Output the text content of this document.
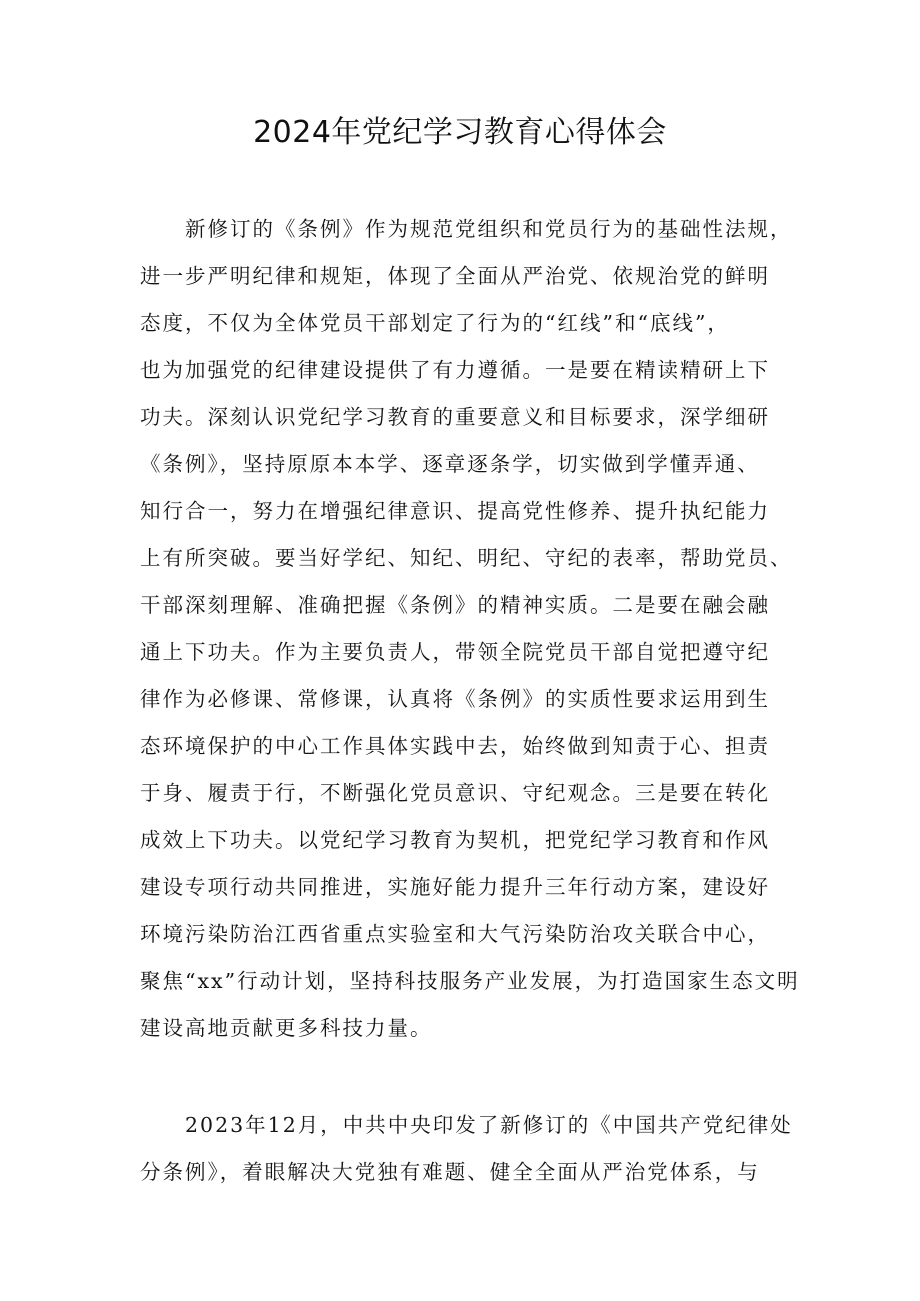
2024年党纪学习教育心得体会
新修订的《条例》作为规范党组织和党员行为的基础性法规，
进一步严明纪律和规矩，体现了全面从严治党、依规治党的鲜明
态度，不仅为全体党员干部划定了行为的“红线”和“底线”，
也为加强党的纪律建设提供了有力遵循。一是要在精读精研上下
功夫。深刻认识党纪学习教育的重要意义和目标要求，深学细研
《条例》，坚持原原本本学、逐章逐条学，切实做到学懂弄通、
知行合一，努力在增强纪律意识、提高党性修养、提升执纪能力
上有所突破。要当好学纪、知纪、明纪、守纪的表率，帮助党员、
干部深刻理解、准确把握《条例》的精神实质。二是要在融会融
通上下功夫。作为主要负责人，带领全院党员干部自觉把遵守纪
律作为必修课、常修课，认真将《条例》的实质性要求运用到生
态环境保护的中心工作具体实践中去，始终做到知责于心、担责
于身、履责于行，不断强化党员意识、守纪观念。三是要在转化
成效上下功夫。以党纪学习教育为契机，把党纪学习教育和作风
建设专项行动共同推进，实施好能力提升三年行动方案，建设好
环境污染防治江西省重点实验室和大气污染防治攻关联合中心，
聚焦“xx”行动计划，坚持科技服务产业发展，为打造国家生态文明
建设高地贡献更多科技力量。
2023年12月，中共中央印发了新修订的《中国共产党纪律处
分条例》，着眼解决大党独有难题、健全全面从严治党体系，与
